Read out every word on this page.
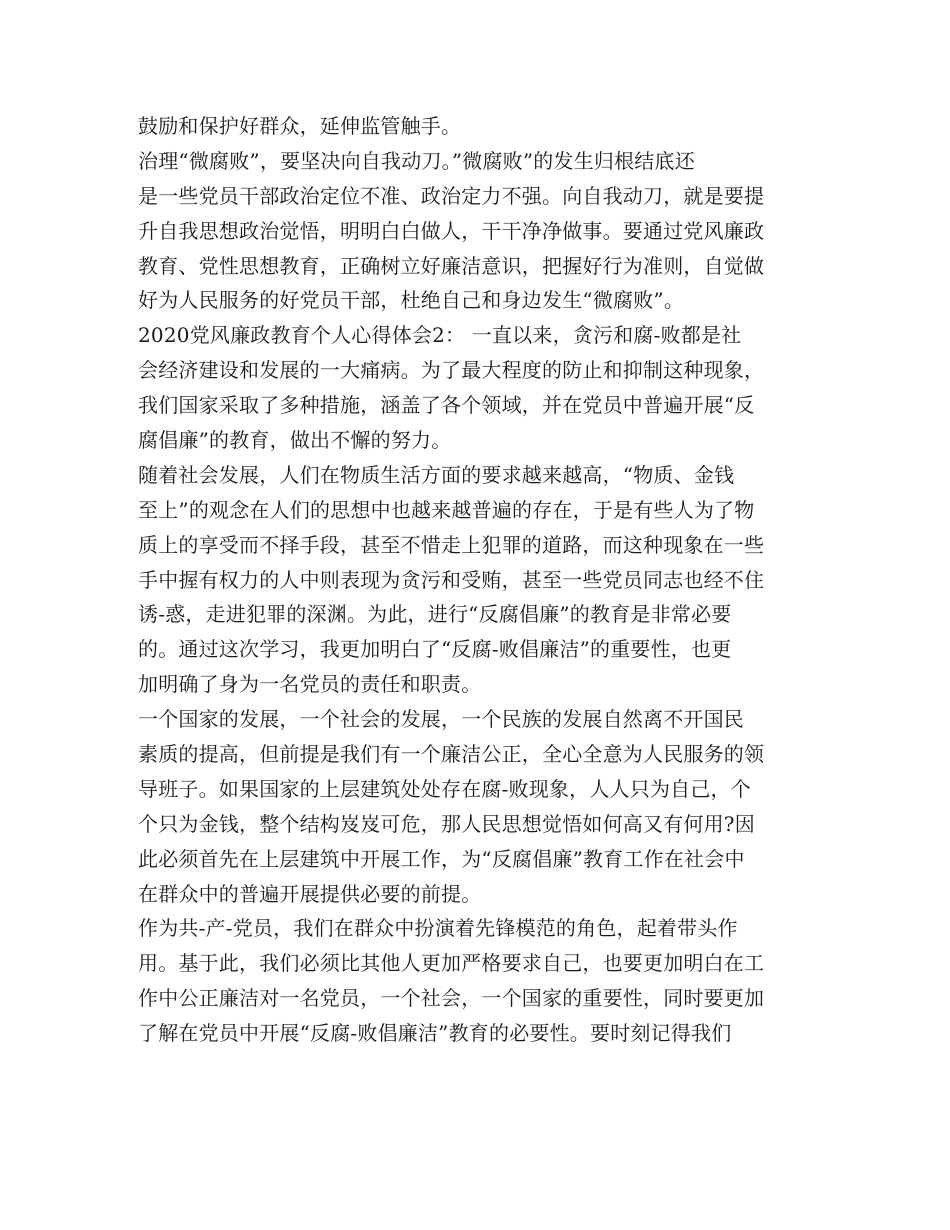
鼓励和保护好群众，延伸监管触手。
治理“微腐败”，要坚决向自我动刀。”微腐败”的发生归根结底还
是一些党员干部政治定位不准、政治定力不强。向自我动刀，就是要提
升自我思想政治觉悟，明明白白做人，干干净净做事。要通过党风廉政
教育、党性思想教育，正确树立好廉洁意识，把握好行为准则，自觉做
好为人民服务的好党员干部，杜绝自己和身边发生“微腐败”。
2020党风廉政教育个人心得体会2： 一直以来，贪污和腐-败都是社
会经济建设和发展的一大痛病。为了最大程度的防止和抑制这种现象，
我们国家采取了多种措施，涵盖了各个领域，并在党员中普遍开展“反
腐倡廉”的教育，做出不懈的努力。
随着社会发展，人们在物质生活方面的要求越来越高，“物质、金钱
至上”的观念在人们的思想中也越来越普遍的存在，于是有些人为了物
质上的享受而不择手段，甚至不惜走上犯罪的道路，而这种现象在一些
手中握有权力的人中则表现为贪污和受贿，甚至一些党员同志也经不住
诱-惑，走进犯罪的深渊。为此，进行“反腐倡廉”的教育是非常必要
的。通过这次学习，我更加明白了“反腐-败倡廉洁”的重要性，也更
加明确了身为一名党员的责任和职责。
一个国家的发展，一个社会的发展，一个民族的发展自然离不开国民
素质的提高，但前提是我们有一个廉洁公正，全心全意为人民服务的领
导班子。如果国家的上层建筑处处存在腐-败现象，人人只为自己，个
个只为金钱，整个结构岌岌可危，那人民思想觉悟如何高又有何用?因
此必须首先在上层建筑中开展工作，为“反腐倡廉”教育工作在社会中
在群众中的普遍开展提供必要的前提。
作为共-产-党员，我们在群众中扮演着先锋模范的角色，起着带头作
用。基于此，我们必须比其他人更加严格要求自己，也要更加明白在工
作中公正廉洁对一名党员，一个社会，一个国家的重要性，同时要更加
了解在党员中开展“反腐-败倡廉洁”教育的必要性。要时刻记得我们
